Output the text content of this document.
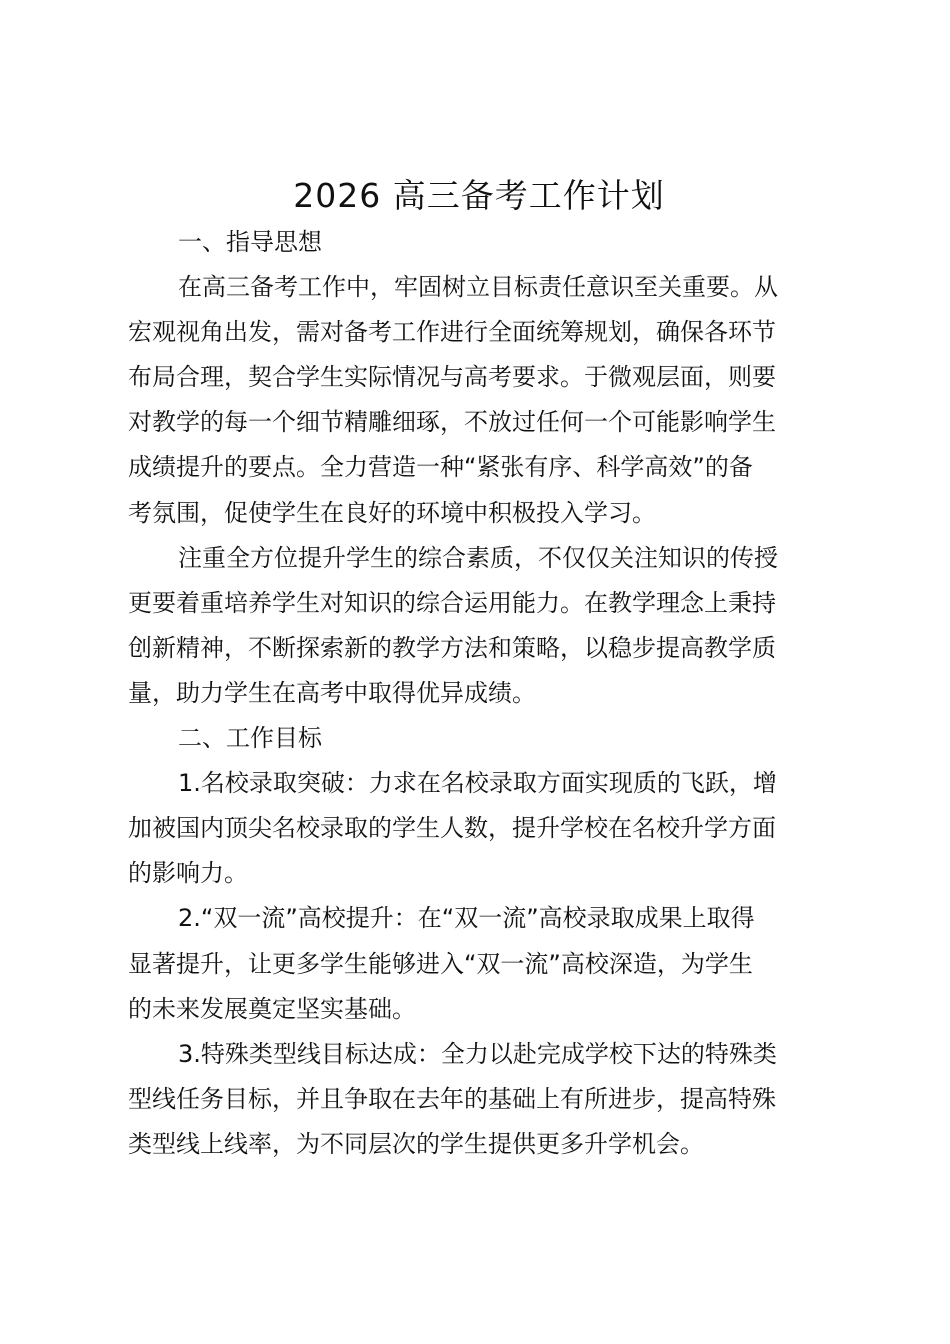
2026 高三备考工作计划
一、指导思想
在高三备考工作中，牢固树立目标责任意识至关重要。从
宏观视角出发，需对备考工作进行全面统筹规划，确保各环节
布局合理，契合学生实际情况与高考要求。于微观层面，则要
对教学的每一个细节精雕细琢，不放过任何一个可能影响学生
成绩提升的要点。全力营造一种“紧张有序、科学高效”的备
考氛围，促使学生在良好的环境中积极投入学习。
注重全方位提升学生的综合素质，不仅仅关注知识的传授
更要着重培养学生对知识的综合运用能力。在教学理念上秉持
创新精神，不断探索新的教学方法和策略，以稳步提高教学质
量，助力学生在高考中取得优异成绩。
二、工作目标
1.名校录取突破：力求在名校录取方面实现质的飞跃，增
加被国内顶尖名校录取的学生人数，提升学校在名校升学方面
的影响力。
2.“双一流”高校提升：在“双一流”高校录取成果上取得
显著提升，让更多学生能够进入“双一流”高校深造，为学生
的未来发展奠定坚实基础。
3.特殊类型线目标达成：全力以赴完成学校下达的特殊类
型线任务目标，并且争取在去年的基础上有所进步，提高特殊
类型线上线率，为不同层次的学生提供更多升学机会。
